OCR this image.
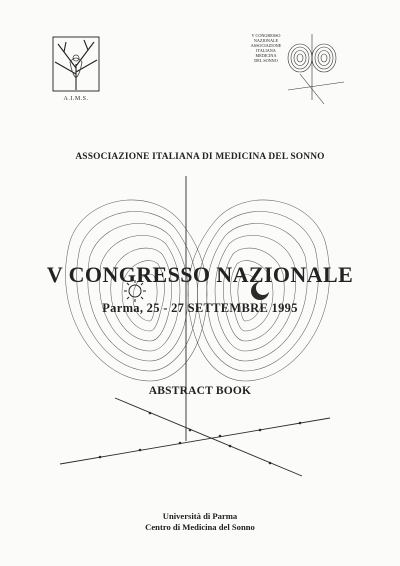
A.I.M.S.
V CONGRESSO
NAZIONALE
ASSOCIAZIONE
ITALIANA
MEDICINA
DEL SONNO
ASSOCIAZIONE ITALIANA DI MEDICINA DEL SONNO
V CONGRESSO NAZIONALE
Parma, 25 - 27 SETTEMBRE 1995
ABSTRACT BOOK
Università di Parma
Centro di Medicina del Sonno
